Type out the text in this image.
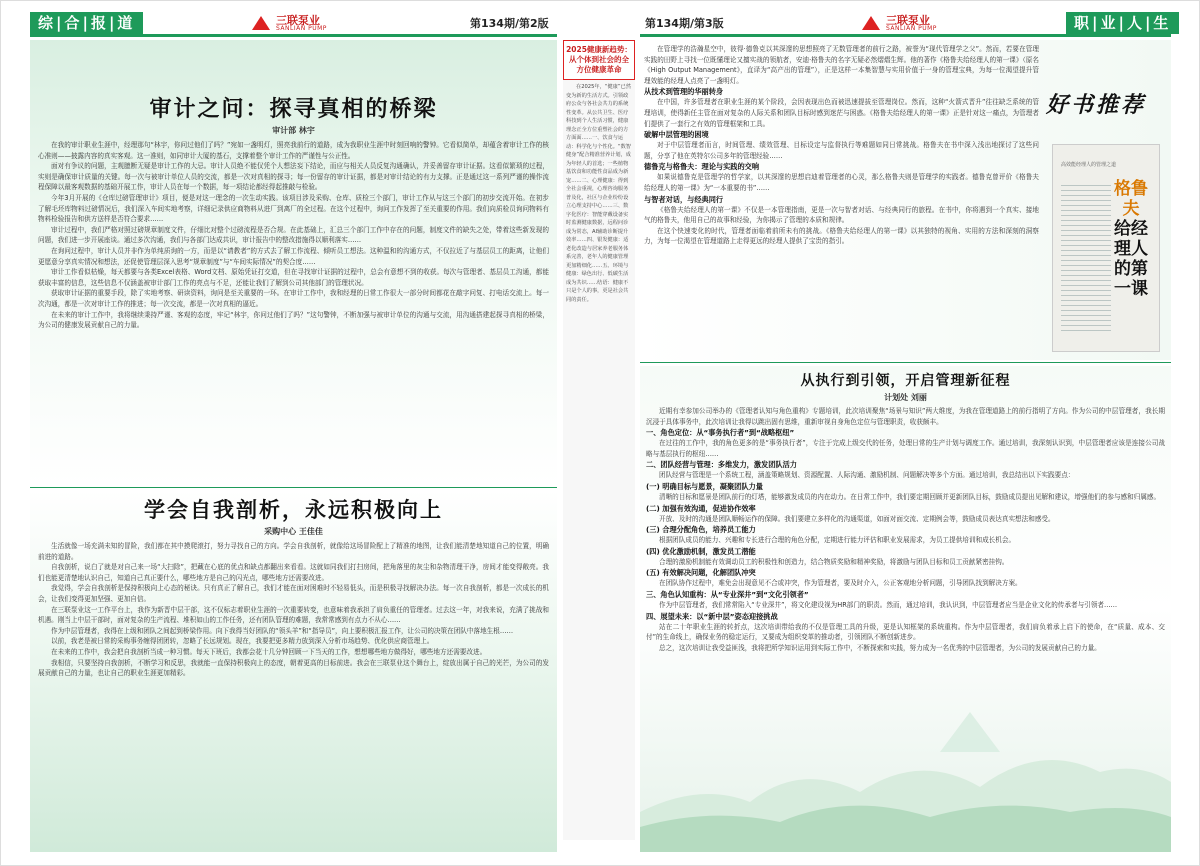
综|合|报|道	三联泵业
SANLIAN PUMP	第134期/第2版
审计之问：探寻真相的桥梁
审计部 林宇

在我的审计职业生涯中，经理那句“林宇，你问过他们了吗？”宛如一盏明灯，照亮我前行的道路，成为我职业生涯中时刻回响的警钟。它看似简单，却蕴含着审计工作的核心准则——披露内容的真实客观。这一准则，如同审计大厦的基石，支撑着整个审计工作的严谨性与公正性。

面对有争议的问题，主观臆断无疑是审计工作的大忌。审计人员绝不能仅凭个人想法妄下结论，而应与相关人员反复沟通确认，并妥善留存审计证据。这看似繁琐的过程，实则是确保审计质量的关键。每一次与被审计单位人员的交流，都是一次对真相的探寻；每一份留存的审计证据，都是对审计结论的有力支撑。正是通过这一系列严谨的操作流程保障以最客观数据的基础开展工作，审计人员在每一个数据，每一项结论都经得起推敲与检验。

今年3月开展的《仓库过磅管理审计》项目，便是对这一理念的一次生动实践。该项目涉及采购、仓库、质检三个部门，审计工作从与这三个部门的初步交流开始。在初步了解毛坯库物料过磅情况后，我们深入车间实地考察，详细记录供应商物料从进厂到离厂的全过程。在这个过程中，询问工作发挥了至关重要的作用。我们向质检员询问物料有物料检验报告和供方送样是否符合要求……

审计过程中，我们严格对照过磅规章制度文件，仔细比对整个过磅流程是否合规。在此基础上，汇总三个部门工作中存在的问题，制度文件的缺失之处，带着这些新发现的问题，我们进一步开展座谈。通过多次沟通，我们与各部门达成共识，审计报告中的整改措施得以顺利落实……

在询问过程中，审计人员并非作为单纯质询的一方，而是以“请教者”的方式去了解工作流程、倾听员工想法。这种温和的沟通方式，不仅拉近了与基层员工的距离，让他们更愿意分享真实情况和想法，还促使管理层深入思考“规章制度”与“车间实际情况”的契合度……

审计工作看似枯燥，每天都要与各类Excel表格、Word文档、原始凭证打交道，但在寻找审计证据的过程中，总会有意想不到的收获。每次与管理者、基层员工沟通，都能获取丰富的信息，这些信息不仅涵盖被审计部门工作的亮点与不足，还能让我们了解到公司其他部门的管理状况。

获取审计证据的重要手段，除了实地考察、研读资料，询问是至关重要的一环。在审计工作中，我和经理的日常工作很大一部分时间都花在敲字问复、打电话交流上。每一次沟通，都是一次对审计工作的推进；每一次交流，都是一次对真相的逼近。

在未来的审计工作中，我将继续秉持严谨、客观的态度，牢记“林宇，你问过他们了吗？”这句警钟，不断加强与被审计单位的沟通与交流，用沟通搭建起探寻真相的桥梁，为公司的健康发展贡献自己的力量。

学会自我剖析，永远积极向上
采购中心 王佳佳

生活就像一场充满未知的冒险，我们都在其中摸爬滚打，努力寻找自己的方向。学会自我剖析，就像给这场冒险配上了精准的地图，让我们能清楚地知道自己的位置，明确前进的道路。

自我剖析，说白了就是对自己来一场“大扫除”，把藏在心底的优点和缺点都翻出来看看。这就如同我们打扫房间，把角落里的灰尘和杂物清理干净，房间才能变得敞亮。我们也能更清楚地认识自己，知道自己真正要什么，哪些地方是自己的闪光点，哪些地方还需要改进。

我觉得，学会自我剖析是保持积极向上心态的秘诀。只有真正了解自己，我们才能在面对困难时不轻易低头，而是积极寻找解决办法。每一次自我剖析，都是一次成长的机会，让我们变得更加坚强、更加自信。

在三联泵业这一工作平台上，我作为新晋中层干部，这不仅标志着职业生涯的一次重要转变，也意味着我承担了肩负重任的管理者。过去这一年，对我来说，充满了挑战和机遇。刚当上中层干部时，面对复杂的生产流程、堆积如山的工作任务，还有团队管理的难题，我常常感到有点力不从心……

作为中层管理者，我得在上级和团队之间起到桥梁作用。向下我得当好团队的“领头羊”和“指导员”，向上要积极汇报工作，让公司的决策在团队中落地生根……

以前，我老是被日常的采购事务缠得团团转，忽略了长远规划。现在，我要把更多精力放到深入分析市场趋势、优化供应商管理上。

在未来的工作中，我会把自我剖析当成一种习惯。每天下班后，我都会花十几分钟回顾一下当天的工作，想想哪些地方做得好，哪些地方还需要改进。

我相信，只要坚持自我剖析，不断学习和反思，我就能一直保持积极向上的态度，朝着更高的目标前进。我会在三联泵业这个舞台上，绽放出属于自己的光芒，为公司的发展贡献自己的力量，也让自己的职业生涯更加精彩。

2025健康新趋势：从个体到社会的全方位健康革命
在2025年，“健康”已然变为新的生活方式。引领政府公众与各社会共力的系统性变革。从公共卫生、医疗科技到个人生活习惯，健康理念正全方位重塑社会的方方面面……一、饮食与运动：科学化与个性化。“数智健身”配合精准营养计划，成为年轻人的首选；一些植物基饮食和功能性食品成为新宠……二、心理健康：得到全社会重视，心理咨询服务普及化，社区与企业纷纷设立心理支持中心……三、数字化医疗：智能穿戴设备实时监测健康数据，远程问诊成为常态，AI辅助诊断提升效率……四、银发健康：适老化改造与居家养老服务体系完善，老年人的健康管理更加精细化……五、环境与健康：绿色出行、低碳生活成为共识……结语：健康不只是个人的事，更是社会共同的责任。
第134期/第3版	三联泵业
SANLIAN PUMP	职|业|人|生

在管理学的浩瀚星空中，彼得·德鲁克以其深邃的思想照亮了无数管理者的前行之路，被誉为“现代管理学之父”。然而，若要在管理实践的田野上寻找一位既懂理论又擅实战的领航者，安迪·格鲁夫的名字无疑必然熠熠生辉。他的著作《格鲁夫给经理人的第一课》（原名《High Output Management》，直译为“高产出的管理”），正是这样一本集智慧与实用价值于一身的管理宝典，为每一位渴望提升管理效能的经理人点亮了一盏明灯。

从技术到管理的华丽转身

在中国，许多管理者在职业生涯的某个阶段，会因表现出色而被迅速提拔至管理岗位。然而，这种“火箭式晋升”往往缺乏系统的管理培训，使得新任主管在面对复杂的人际关系和团队目标时感到迷茫与困惑。《格鲁夫给经理人的第一课》正是针对这一痛点，为管理者们提供了一套行之有效的管理框架和工具。

破解中层管理的困境

对于中层管理者而言，时间管理、绩效管理、目标设定与监督执行等难题如同日常挑战。格鲁夫在书中深入浅出地探讨了这些问题，分享了他在英特尔公司多年的管理经验……

德鲁克与格鲁夫：理论与实践的交响

如果说德鲁克是管理学的哲学家，以其深邃的思想启迪着管理者的心灵，那么格鲁夫则是管理学的实践者。德鲁克曾评价《格鲁夫给经理人的第一课》为“一本重要的书”……

与智者对话，与经典同行

《格鲁夫给经理人的第一课》不仅是一本管理指南，更是一次与智者对话、与经典同行的旅程。在书中，你将遇到一个真实、接地气的格鲁夫，他用自己的故事和经验，为你揭示了管理的本质和规律。

在这个快速变化的时代，管理者面临着前所未有的挑战。《格鲁夫给经理人的第一课》以其独特的视角、实用的方法和深刻的洞察力，为每一位渴望在管理道路上走得更远的经理人提供了宝贵的指引。

好书推荐
高效能经理人的管理之道
格鲁夫
给经理人的第一课
从执行到引领，开启管理新征程
计划处 刘丽

近期有幸参加公司举办的《管理者认知与角色重构》专题培训，此次培训聚焦“场景与知识”两大维度，为我在管理道路上的前行指明了方向。作为公司的中层管理者，我长期沉浸于具体事务中，此次培训让我得以跳出固有思维，重新审视自身角色定位与管理职责，收获颇丰。

一、角色定位：从“事务执行者”到“战略枢纽”

在过往的工作中，我的角色更多的是“事务执行者”，专注于完成上级交代的任务，处理日常的生产计划与调度工作。通过培训，我深刻认识到，中层管理者应该是连接公司战略与基层执行的枢纽……

二、团队经营与管理：多维发力，激发团队活力

团队经营与管理是一个系统工程，涵盖策略规划、资源配置、人际沟通、激励机制、问题解决等多个方面。通过培训，我总结出以下实践要点：

(一) 明确目标与愿景，凝聚团队力量

清晰的目标和愿景是团队前行的灯塔，能够激发成员的内在动力。在日常工作中，我们要定期回顾并更新团队目标，鼓励成员提出见解和建议，增强他们的参与感和归属感。

(二) 加强有效沟通，促进协作效率

开放、及时的沟通是团队顺畅运作的保障。我们要建立多样化的沟通渠道，如面对面交流、定期例会等，鼓励成员表达真实想法和感受。

(三) 合理分配角色，培养员工能力

根据团队成员的能力、兴趣和专长进行合理的角色分配，定期进行能力评估和职业发展需求，为员工提供培训和成长机会。

(四) 优化激励机制，激发员工潜能

合理的激励机制能有效调动员工的积极性和创造力，结合物质奖励和精神奖励，将激励与团队目标和员工贡献紧密挂钩。

(五) 有效解决问题，化解团队冲突

在团队协作过程中，难免会出现意见不合或冲突，作为管理者，要及时介入，公正客观地分析问题，引导团队找到解决方案。

三、角色认知重构：从“专业深井”到“文化引领者”

作为中层管理者，我们常常陷入“专业深井”，将文化建设视为HR部门的职责。然而，通过培训，我认识到，中层管理者应当是企业文化的传承者与引领者……

四、展望未来：以“新中层”姿态迎接挑战

站在二十年职业生涯的转折点，这次培训带给我的不仅是管理工具的升级，更是认知框架的系统重构。作为中层管理者，我们肩负着承上启下的使命，在“质量、成本、交付”的生命线上，确保业务的稳定运行，又要成为组织变革的推动者，引领团队不断创新进步。

总之，这次培训让我受益匪浅，我将把所学知识运用到实际工作中，不断探索和实践，努力成为一名优秀的中层管理者，为公司的发展贡献自己的力量。
